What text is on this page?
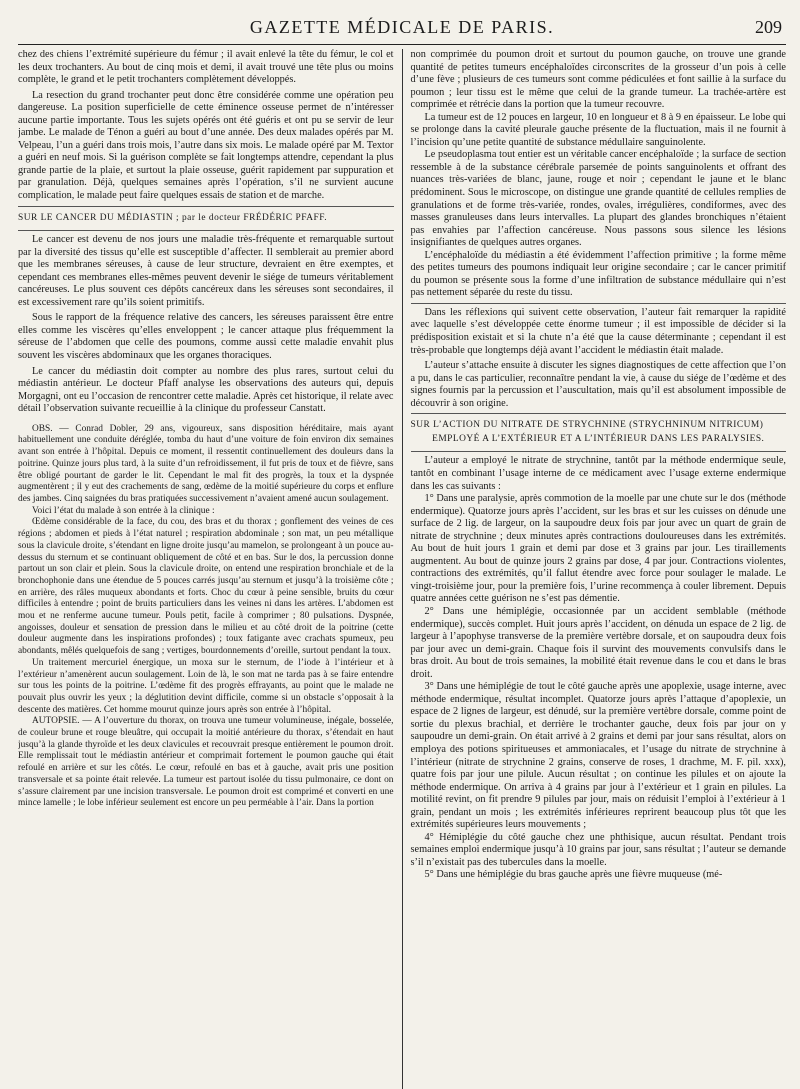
GAZETTE MÉDICALE DE PARIS.	209

chez des chiens l’extrémité supérieure du fémur ; il avait enlevé la tête du fémur, le col et les deux trochanters. Au bout de cinq mois et demi, il avait trouvé une tête plus ou moins complète, le grand et le petit trochanters complètement développés.

La resection du grand trochanter peut donc être considérée comme une opération peu dangereuse. La position superficielle de cette éminence osseuse permet de n’intéresser aucune partie importante. Tous les sujets opérés ont été guéris et ont pu se servir de leur jambe. Le malade de Ténon a guéri au bout d’une année. Des deux malades opérés par M. Velpeau, l’un a guéri dans trois mois, l’autre dans six mois. Le malade opéré par M. Textor a guéri en neuf mois. Si la guérison complète se fait longtemps attendre, cependant la plus grande partie de la plaie, et surtout la plaie osseuse, guérit rapidement par suppuration et par granulation. Déjà, quelques semaines après l’opération, s’il ne survient aucune complication, le malade peut faire quelques essais de station et de marche.

SUR LE CANCER DU MÉDIASTIN ; par le docteur FRÉDÉRIC PFAFF.

Le cancer est devenu de nos jours une maladie très-fréquente et remarquable surtout par la diversité des tissus qu’elle est susceptible d’affecter. Il semblerait au premier abord que les membranes séreuses, à cause de leur structure, devraient en être exemptes, et cependant ces membranes elles-mêmes peuvent devenir le siége de tumeurs véritablement cancéreuses. Le plus souvent ces dépôts cancéreux dans les séreuses sont secondaires, il est excessivement rare qu’ils soient primitifs.

Sous le rapport de la fréquence relative des cancers, les séreuses paraissent être entre elles comme les viscères qu’elles enveloppent ; le cancer attaque plus fréquemment la séreuse de l’abdomen que celle des poumons, comme aussi cette maladie envahit plus souvent les viscères abdominaux que les organes thoraciques.

Le cancer du médiastin doit compter au nombre des plus rares, surtout celui du médiastin antérieur. Le docteur Pfaff analyse les observations des auteurs qui, depuis Morgagni, ont eu l’occasion de rencontrer cette maladie. Après cet historique, il relate avec détail l’observation suivante recueillie à la clinique du professeur Canstatt.

OBS. — Conrad Dobler, 29 ans, vigoureux, sans disposition héréditaire, mais ayant habituellement une conduite déréglée, tomba du haut d’une voiture de foin environ dix semaines avant son entrée à l’hôpital. Depuis ce moment, il ressentit continuellement des douleurs dans la poitrine. Quinze jours plus tard, à la suite d’un refroidissement, il fut pris de toux et de fièvre, sans être obligé pourtant de garder le lit. Cependant le mal fit des progrès, la toux et la dyspnée augmentèrent ; il y eut des crachements de sang, œdème de la moitié supérieure du corps et enflure des jambes. Cinq saignées du bras pratiquées successivement n’avaient amené aucun soulagement.

Voici l’état du malade à son entrée à la clinique :

Œdème considérable de la face, du cou, des bras et du thorax ; gonflement des veines de ces régions ; abdomen et pieds à l’état naturel ; respiration abdominale ; son mat, un peu métallique sous la clavicule droite, s’étendant en ligne droite jusqu’au mamelon, se prolongeant à un pouce au-dessus du sternum et se continuant obliquement de côté et en bas. Sur le dos, la percussion donne partout un son clair et plein. Sous la clavicule droite, on entend une respiration bronchiale et de la bronchophonie dans une étendue de 5 pouces carrés jusqu’au sternum et jusqu’à la troisième côte ; en arrière, des râles muqueux abondants et forts. Choc du cœur à peine sensible, bruits du cœur difficiles à entendre ; point de bruits particuliers dans les veines ni dans les artères. L’abdomen est mou et ne renferme aucune tumeur. Pouls petit, facile à comprimer ; 80 pulsations. Dyspnée, angoisses, douleur et sensation de pression dans le milieu et au côté droit de la poitrine (cette douleur augmente dans les inspirations profondes) ; toux fatigante avec crachats spumeux, peu abondants, mêlés quelquefois de sang ; vertiges, bourdonnements d’oreille, surtout pendant la toux.

Un traitement mercuriel énergique, un moxa sur le sternum, de l’iode à l’intérieur et à l’extérieur n’amenèrent aucun soulagement. Loin de là, le son mat ne tarda pas à se faire entendre sur tous les points de la poitrine. L’œdème fit des progrès effrayants, au point que le malade ne pouvait plus ouvrir les yeux ; la déglutition devint difficile, comme si un obstacle s’opposait à la descente des matières. Cet homme mourut quinze jours après son entrée à l’hôpital.

AUTOPSIE. — A l’ouverture du thorax, on trouva une tumeur volumineuse, inégale, bosselée, de couleur brune et rouge bleuâtre, qui occupait la moitié antérieure du thorax, s’étendait en haut jusqu’à la glande thyroïde et les deux clavicules et recouvrait presque entièrement le poumon droit. Elle remplissait tout le médiastin antérieur et comprimait fortement le poumon gauche qui était refoulé en arrière et sur les côtés. Le cœur, refoulé en bas et à gauche, avait pris une position transversale et sa pointe était relevée. La tumeur est partout isolée du tissu pulmonaire, ce dont on s’assure clairement par une incision transversale. Le poumon droit est comprimé et converti en une mince lamelle ; le lobe inférieur seulement est encore un peu perméable à l’air. Dans la portion

non comprimée du poumon droit et surtout du poumon gauche, on trouve une grande quantité de petites tumeurs encéphaloïdes circonscrites de la grosseur d’un pois à celle d’une fève ; plusieurs de ces tumeurs sont comme pédiculées et font saillie à la surface du poumon ; leur tissu est le même que celui de la grande tumeur. La trachée-artère est comprimée et rétrécie dans la portion que la tumeur recouvre.

La tumeur est de 12 pouces en largeur, 10 en longueur et 8 à 9 en épaisseur. Le lobe qui se prolonge dans la cavité pleurale gauche présente de la fluctuation, mais il ne fournit à l’incision qu’une petite quantité de substance médullaire sanguinolente.

Le pseudoplasma tout entier est un véritable cancer encéphaloïde ; la surface de section ressemble à de la substance cérébrale parsemée de points sanguinolents et offrant des nuances très-variées de blanc, jaune, rouge et noir ; cependant le jaune et le blanc prédominent. Sous le microscope, on distingue une grande quantité de cellules remplies de granulations et de forme très-variée, rondes, ovales, irrégulières, condiformes, avec des masses granuleuses dans leurs intervalles. La plupart des glandes bronchiques n’étaient pas envahies par l’affection cancéreuse. Nous passons sous silence les lésions insignifiantes de quelques autres organes.

L’encéphaloïde du médiastin a été évidemment l’affection primitive ; la forme même des petites tumeurs des poumons indiquait leur origine secondaire ; car le cancer primitif du poumon se présente sous la forme d’une infiltration de substance médullaire qui n’est pas nettement séparée du reste du tissu.

Dans les réflexions qui suivent cette observation, l’auteur fait remarquer la rapidité avec laquelle s’est développée cette énorme tumeur ; il est impossible de décider si la prédisposition existait et si la chute n’a été que la cause déterminante ; cependant il est très-probable que longtemps déjà avant l’accident le médiastin était malade.

L’auteur s’attache ensuite à discuter les signes diagnostiques de cette affection que l’on a pu, dans le cas particulier, reconnaître pendant la vie, à cause du siége de l’œdème et des signes fournis par la percussion et l’auscultation, mais qu’il est absolument impossible de découvrir à son origine.

SUR L’ACTION DU NITRATE DE STRYCHNINE (STRYCHNINUM NITRICUM)

EMPLOYÉ A L’EXTÉRIEUR ET A L’INTÉRIEUR DANS LES PARALYSIES.

L’auteur a employé le nitrate de strychnine, tantôt par la méthode endermique seule, tantôt en combinant l’usage interne de ce médicament avec l’usage externe endermique dans les cas suivants :

1° Dans une paralysie, après commotion de la moelle par une chute sur le dos (méthode endermique). Quatorze jours après l’accident, sur les bras et sur les cuisses on dénude une surface de 2 lig. de largeur, on la saupoudre deux fois par jour avec un quart de grain de nitrate de strychnine ; deux minutes après contractions douloureuses dans les extrémités. Au bout de huit jours 1 grain et demi par dose et 3 grains par jour. Les tiraillements augmentent. Au bout de quinze jours 2 grains par dose, 4 par jour. Contractions violentes, contractions des extrémités, qu’il fallut étendre avec force pour soulager le malade. Le vingt-troisième jour, pour la première fois, l’urine recommença à couler librement. Depuis quatre années cette guérison ne s’est pas démentie.

2° Dans une hémiplégie, occasionnée par un accident semblable (méthode endermique), succès complet. Huit jours après l’accident, on dénuda un espace de 2 lig. de largeur à l’apophyse transverse de la première vertèbre dorsale, et on saupoudra deux fois par jour avec un demi-grain. Chaque fois il survint des mouvements convulsifs dans le bras droit. Au bout de trois semaines, la mobilité était revenue dans le cou et dans le bras droit.

3° Dans une hémiplégie de tout le côté gauche après une apoplexie, usage interne, avec méthode endermique, résultat incomplet. Quatorze jours après l’attaque d’apoplexie, un espace de 2 lignes de largeur, est dénudé, sur la première vertèbre dorsale, comme point de sortie du plexus brachial, et derrière le trochanter gauche, deux fois par jour on y saupoudre un demi-grain. On était arrivé à 2 grains et demi par jour sans résultat, alors on employa des potions spiritueuses et ammoniacales, et l’usage du nitrate de strychnine à l’intérieur (nitrate de strychnine 2 grains, conserve de roses, 1 drachme, M. F. pil. xxx), quatre fois par jour une pilule. Aucun résultat ; on continue les pilules et on ajoute la méthode endermique. On arriva à 4 grains par jour à l’extérieur et 1 grain en pilules. La motilité revint, on fit prendre 9 pilules par jour, mais on réduisit l’emploi à l’extérieur à 1 grain, pendant un mois ; les extrémités inférieures reprirent beaucoup plus tôt que les extrémités supérieures leurs mouvements ;

4° Hémiplégie du côté gauche chez une phthisique, aucun résultat. Pendant trois semaines emploi endermique jusqu’à 10 grains par jour, sans résultat ; l’auteur se demande s’il n’existait pas des tubercules dans la moelle.

5° Dans une hémiplégie du bras gauche après une fièvre muqueuse (mé-
